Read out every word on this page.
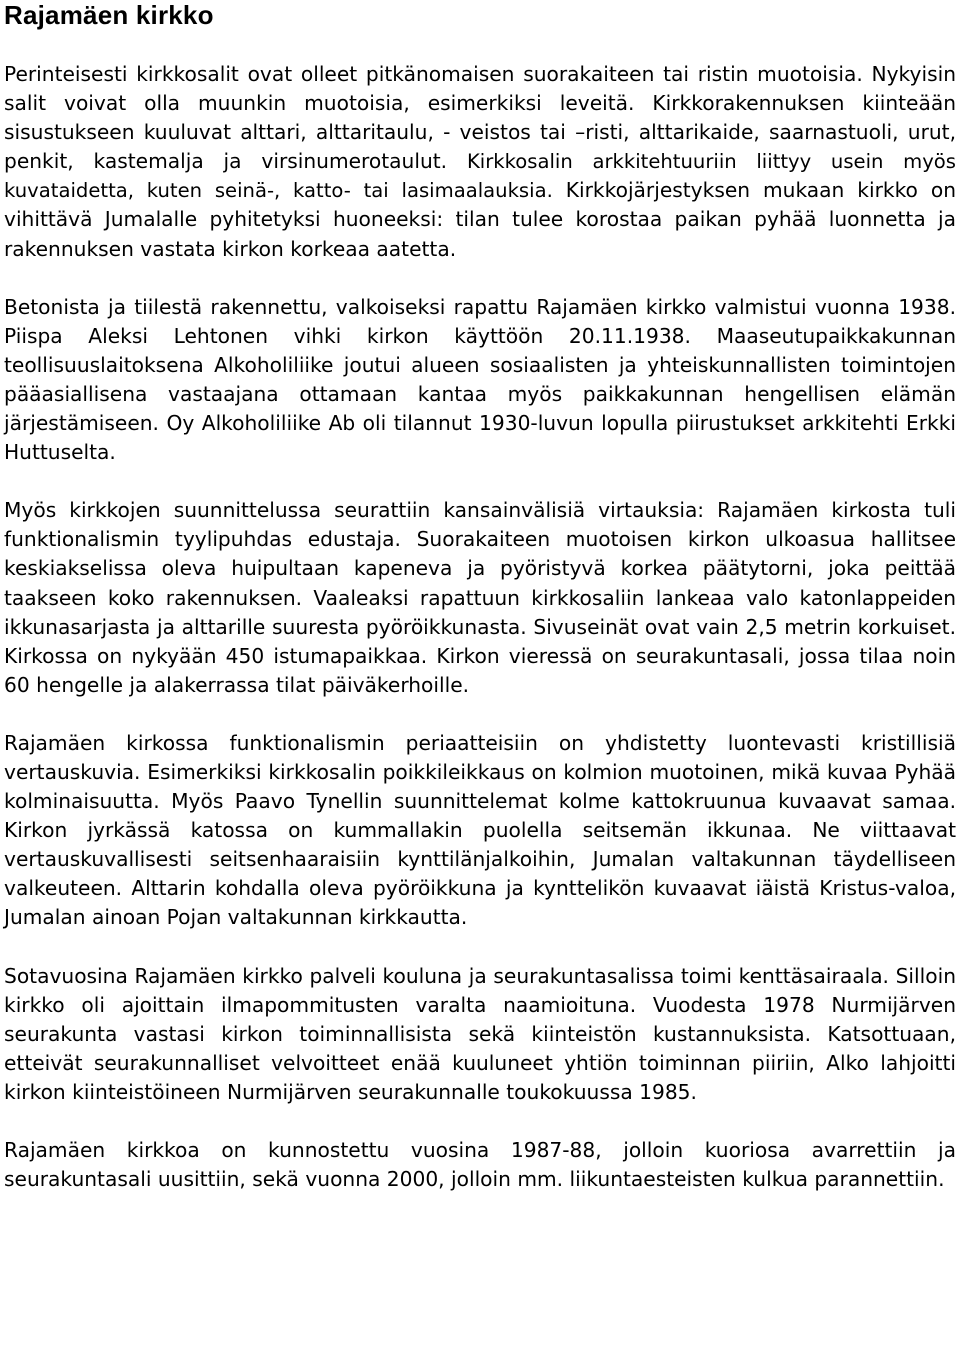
Rajamäen kirkko

Perinteisesti kirkkosalit ovat olleet pitkänomaisen suorakaiteen tai ristin muotoisia. Nykyisin salit voivat olla muunkin muotoisia, esimerkiksi leveitä. Kirkkorakennuksen kiinteään sisustukseen kuuluvat alttari, alttaritaulu, - veistos tai –risti, alttarikaide, saarnastuoli, urut, penkit, kastemalja ja virsinumerotaulut. Kirkkosalin arkkitehtuuriin liittyy usein myös kuvataidetta, kuten seinä-, katto- tai lasimaalauksia. Kirkkojärjestyksen mukaan kirkko on vihittävä Jumalalle pyhitetyksi huoneeksi: tilan tulee korostaa paikan pyhää luonnetta ja rakennuksen vastata kirkon korkeaa aatetta.

Betonista ja tiilestä rakennettu, valkoiseksi rapattu Rajamäen kirkko valmistui vuonna 1938. Piispa Aleksi Lehtonen vihki kirkon käyttöön 20.11.1938. Maaseutupaikkakunnan teollisuuslaitoksena Alkoholiliike joutui alueen sosiaalisten ja yhteiskunnallisten toimintojen pääasiallisena vastaajana ottamaan kantaa myös paikkakunnan hengellisen elämän järjestämiseen. Oy Alkoholiliike Ab oli tilannut 1930-luvun lopulla piirustukset arkkitehti Erkki Huttuselta.

Myös kirkkojen suunnittelussa seurattiin kansainvälisiä virtauksia: Rajamäen kirkosta tuli funktionalismin tyylipuhdas edustaja. Suorakaiteen muotoisen kirkon ulkoasua hallitsee keskiakselissa oleva huipultaan kapeneva ja pyöristyvä korkea päätytorni, joka peittää taakseen koko rakennuksen. Vaaleaksi rapattuun kirkkosaliin lankeaa valo katonlappeiden ikkunasarjasta ja alttarille suuresta pyöröikkunasta. Sivuseinät ovat vain 2,5 metrin korkuiset. Kirkossa on nykyään 450 istumapaikkaa. Kirkon vieressä on seurakuntasali, jossa tilaa noin 60 hengelle ja alakerrassa tilat päiväkerhoille.

Rajamäen kirkossa funktionalismin periaatteisiin on yhdistetty luontevasti kristillisiä vertauskuvia. Esimerkiksi kirkkosalin poikkileikkaus on kolmion muotoinen, mikä kuvaa Pyhää kolminaisuutta. Myös Paavo Tynellin suunnittelemat kolme kattokruunua kuvaavat samaa. Kirkon jyrkässä katossa on kummallakin puolella seitsemän ikkunaa. Ne viittaavat vertauskuvallisesti seitsenhaaraisiin kynttilänjalkoihin, Jumalan valtakunnan täydelliseen valkeuteen. Alttarin kohdalla oleva pyöröikkuna ja kynttelikön kuvaavat iäistä Kristus-valoa, Jumalan ainoan Pojan valtakunnan kirkkautta.

Sotavuosina Rajamäen kirkko palveli kouluna ja seurakuntasalissa toimi kenttäsairaala. Silloin kirkko oli ajoittain ilmapommitusten varalta naamioituna. Vuodesta 1978 Nurmijärven seurakunta vastasi kirkon toiminnallisista sekä kiinteistön kustannuksista. Katsottuaan, etteivät seurakunnalliset velvoitteet enää kuuluneet yhtiön toiminnan piiriin, Alko lahjoitti kirkon kiinteistöineen Nurmijärven seurakunnalle toukokuussa 1985.

Rajamäen kirkkoa on kunnostettu vuosina 1987-88, jolloin kuoriosa avarrettiin ja seurakuntasali uusittiin, sekä vuonna 2000, jolloin mm. liikuntaesteisten kulkua parannettiin.
